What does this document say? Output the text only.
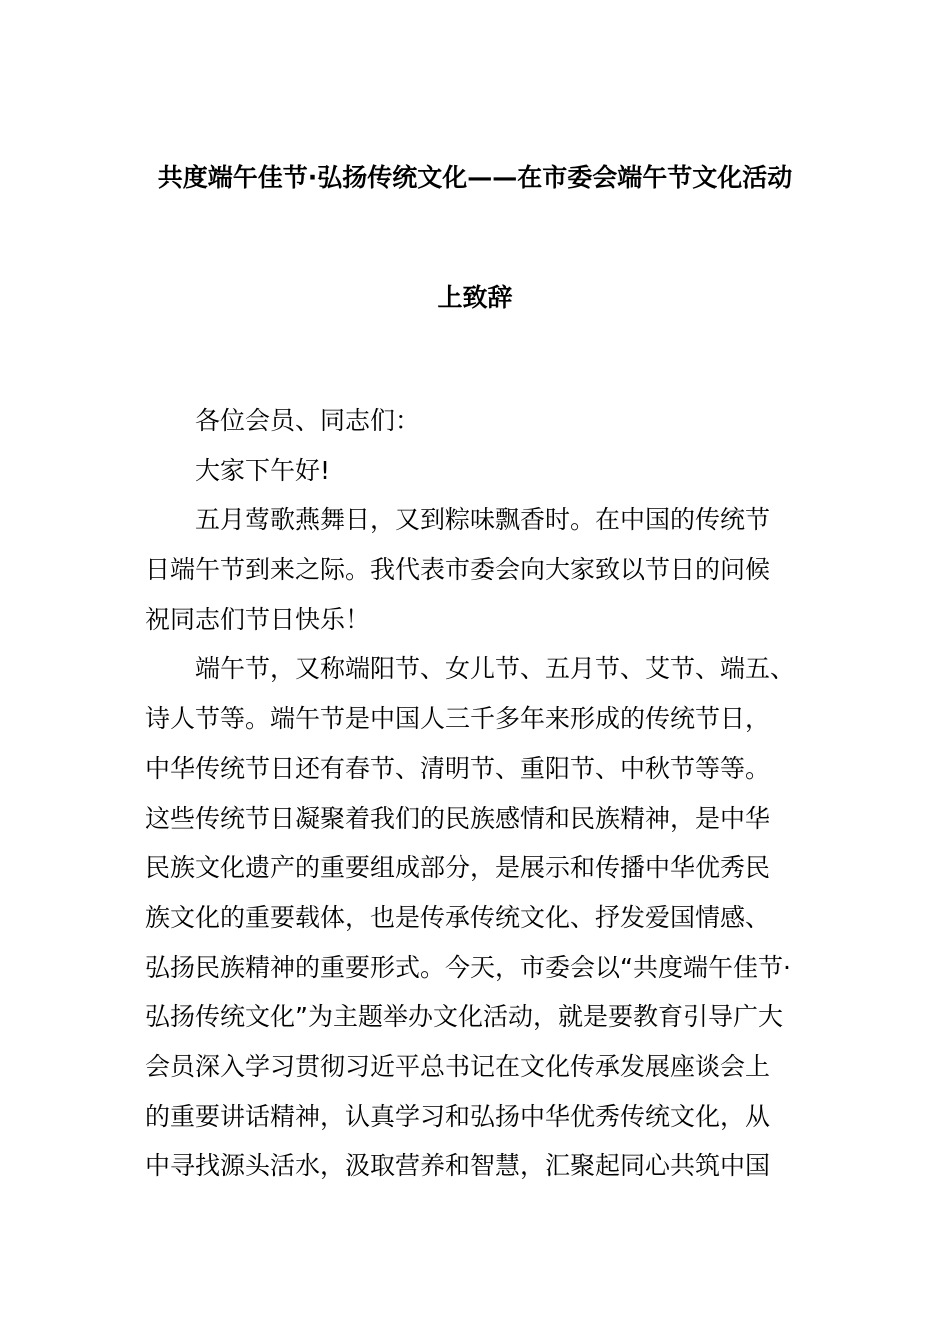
共度端午佳节·弘扬传统文化——在市委会端午节文化活动
上致辞
各位会员、同志们：
大家下午好!
五月莺歌燕舞日，又到粽味飘香时。在中国的传统节
日端午节到来之际。我代表市委会向大家致以节日的问候
祝同志们节日快乐！
端午节，又称端阳节、女儿节、五月节、艾节、端五、
诗人节等。端午节是中国人三千多年来形成的传统节日，
中华传统节日还有春节、清明节、重阳节、中秋节等等。
这些传统节日凝聚着我们的民族感情和民族精神，是中华
民族文化遗产的重要组成部分，是展示和传播中华优秀民
族文化的重要载体，也是传承传统文化、抒发爱国情感、
弘扬民族精神的重要形式。今天，市委会以“共度端午佳节·
弘扬传统文化”为主题举办文化活动，就是要教育引导广大
会员深入学习贯彻习近平总书记在文化传承发展座谈会上
的重要讲话精神，认真学习和弘扬中华优秀传统文化，从
中寻找源头活水，汲取营养和智慧，汇聚起同心共筑中国
